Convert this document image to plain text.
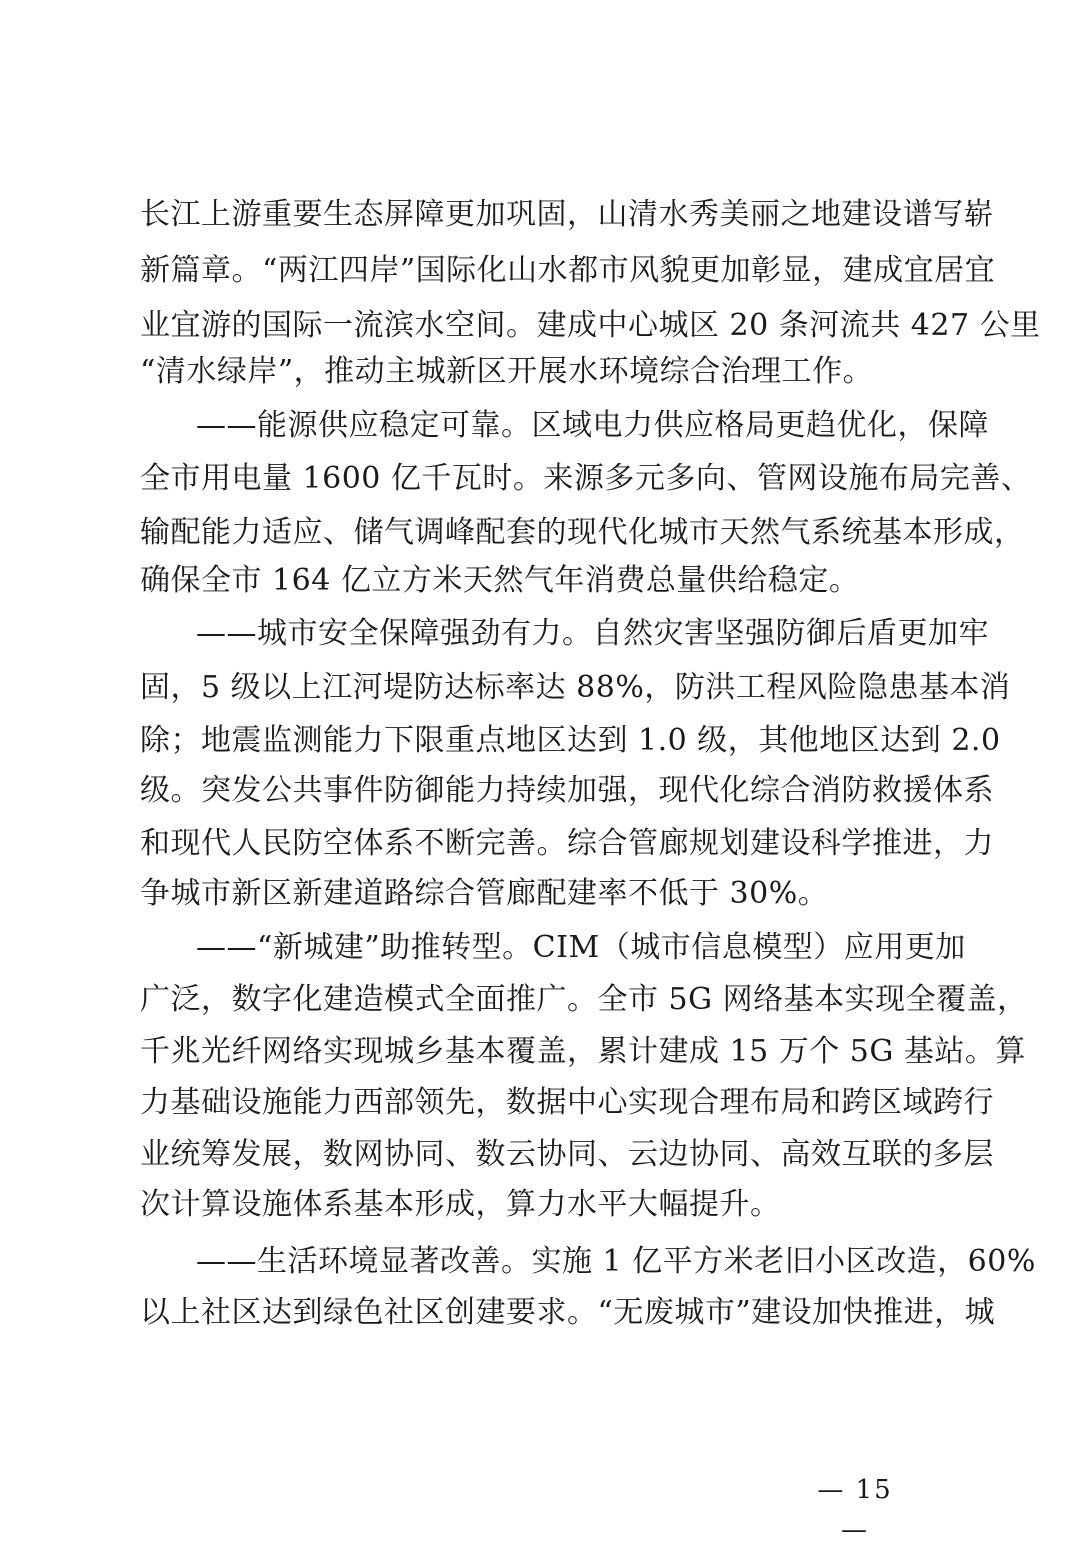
长江上游重要生态屏障更加巩固，山清水秀美丽之地建设谱写崭
新篇章。“两江四岸”国际化山水都市风貌更加彰显，建成宜居宜
业宜游的国际一流滨水空间。建成中心城区 20 条河流共 427 公里
“清水绿岸”，推动主城新区开展水环境综合治理工作。
——能源供应稳定可靠。区域电力供应格局更趋优化，保障
全市用电量 1600 亿千瓦时。来源多元多向、管网设施布局完善、
输配能力适应、储气调峰配套的现代化城市天然气系统基本形成，
确保全市 164 亿立方米天然气年消费总量供给稳定。
——城市安全保障强劲有力。自然灾害坚强防御后盾更加牢
固，5 级以上江河堤防达标率达 88%，防洪工程风险隐患基本消
除；地震监测能力下限重点地区达到 1.0 级，其他地区达到 2.0
级。突发公共事件防御能力持续加强，现代化综合消防救援体系
和现代人民防空体系不断完善。综合管廊规划建设科学推进，力
争城市新区新建道路综合管廊配建率不低于 30%。
——“新城建”助推转型。CIM（城市信息模型）应用更加
广泛，数字化建造模式全面推广。全市 5G 网络基本实现全覆盖，
千兆光纤网络实现城乡基本覆盖，累计建成 15 万个 5G 基站。算
力基础设施能力西部领先，数据中心实现合理布局和跨区域跨行
业统筹发展，数网协同、数云协同、云边协同、高效互联的多层
次计算设施体系基本形成，算力水平大幅提升。
——生活环境显著改善。实施 1 亿平方米老旧小区改造，60%
以上社区达到绿色社区创建要求。“无废城市”建设加快推进，城
— 15 —
